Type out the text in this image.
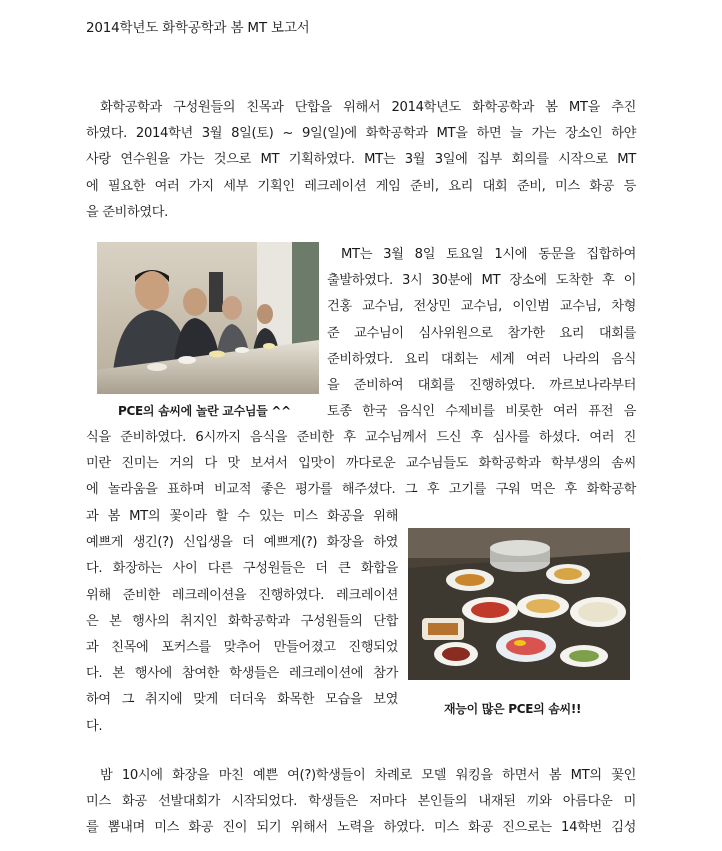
2014학년도 화학공학과 봄 MT 보고서

화학공학과 구성원들의 친목과 단합을 위해서 2014학년도 화학공학과 봄 MT을 추진
하였다. 2014학년 3월 8일(토) ~ 9일(일)에 화학공학과 MT을 하면 늘 가는 장소인 하얀
사랑 연수원을 가는 것으로 MT 기획하였다. MT는 3월 3일에 집부 회의를 시작으로 MT
에 필요한 여러 가지 세부 기획인 레크레이션 게임 준비, 요리 대회 준비, 미스 화공 등
을 준비하였다.

PCE의 솜씨에 놀란 교수님들 ^^

MT는 3월 8일 토요일 1시에 동문을 집합하여
출발하였다. 3시 30분에 MT 장소에 도착한 후 이
건홍 교수님, 전상민 교수님, 이인범 교수님, 차형
준 교수님이 심사위원으로 참가한 요리 대회를
준비하였다. 요리 대회는 세계 여러 나라의 음식
을 준비하여 대회를 진행하였다. 까르보나라부터
토종 한국 음식인 수제비를 비롯한 여러 퓨전 음

식을 준비하였다. 6시까지 음식을 준비한 후 교수님께서 드신 후 심사를 하셨다. 여러 진
미란 진미는 거의 다 맛 보셔서 입맛이 까다로운 교수님들도 화학공학과 학부생의 솜씨
에 놀라움을 표하며 비교적 좋은 평가를 해주셨다. 그 후 고기를 구워 먹은 후 화학공학

과 봄 MT의 꽃이라 할 수 있는 미스 화공을 위해
예쁘게 생긴(?) 신입생을 더 예쁘게(?) 화장을 하였
다. 화장하는 사이 다른 구성원들은 더 큰 화합을
위해 준비한 레크레이션을 진행하였다. 레크레이션
은 본 행사의 취지인 화학공학과 구성원들의 단합
과 친목에 포커스를 맞추어 만들어졌고 진행되었
다. 본 행사에 참여한 학생들은 레크레이션에 참가
하여 그 취지에 맞게 더더욱 화목한 모습을 보였
다.

재능이 많은 PCE의 솜씨!!

밤 10시에 화장을 마친 예쁜 여(?)학생들이 차례로 모델 워킹을 하면서 봄 MT의 꽃인
미스 화공 선발대회가 시작되었다. 학생들은 저마다 본인들의 내재된 끼와 아름다운 미
를 뽐내며 미스 화공 진이 되기 위해서 노력을 하였다. 미스 화공 진으로는 14학번 김성
